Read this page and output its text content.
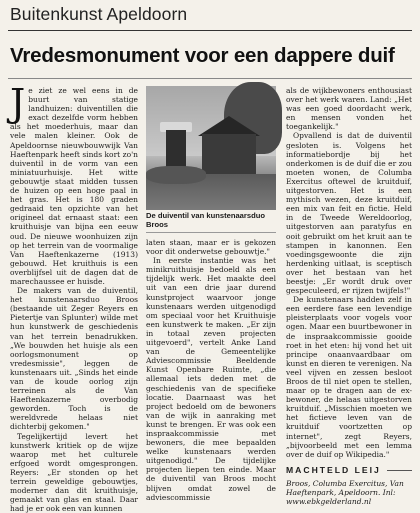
Buitenkunst Apeldoorn
Vredesmonument voor een dappere duif

Je ziet ze wel eens in de buurt van statige landhuizen: duiventillen die exact dezelfde vorm hebben als het moederhuis, maar dan vele malen kleiner. Ook de Apeldoornse nieuwbouwwijk Van Haeftenpark heeft sinds kort zo'n duiventil in de vorm van een miniatuurhuisje. Het witte gebouwtje staat midden tussen de huizen op een hoge paal in het gras. Het is 180 graden gedraaid ten opzichte van het origineel dat ernaast staat: een kruithuisje van bijna een eeuw oud. De nieuwe woonhuizen zijn op het terrein van de voormalige Van Haeftenkazerne (1913) gebouwd. Het kruithuis is een overblijfsel uit de dagen dat de marechaussee er huisde.

De makers van de duiventil, het kunstenaarsduo Broos (bestaande uit Zeger Reyers en Pietertje van Splunter) wilde met hun kunstwerk de geschiedenis van het terrein benadrukken. „We bouwden het huisje als een oorlogsmonument op vredesmissie", leggen de kunstenaars uit. „Sinds het einde van de koude oorlog zijn terreinen als de Van Haeftenkazerne overbodig geworden. Toch is de wereldvrede helaas niet dichterbij gekomen."

Tegelijkertijd levert het kunstwerk kritiek op de wijze waarop met het culturele erfgoed wordt omgesprongen. Reyers: „Er stonden op het terrein geweldige gebouwtjes, moderner dan dit kruithuisje, gemaakt van glas en staal. Daar had je er ook een van kunnen

De duiventil van kunstenaarsduo Broos

laten staan, maar er is gekozen voor dit onderwetse gebouwtje."

In eerste instantie was het minikruithuisje bedoeld als een tijdelijk werk. Het maakte deel uit van een drie jaar durend kunstproject waarvoor jonge kunstenaars werden uitgenodigd om speciaal voor het Kruithuisje een kunstwerk te maken. „Er zijn in totaal zeven projecten uitgevoerd", vertelt Anke Land van de Gemeentelijke Adviescommissie Beeldende Kunst Openbare Ruimte, „die allemaal iets deden met de geschiedenis van de specifieke locatie. Daarnaast was het project bedoeld om de bewoners van de wijk in aanraking met kunst te brengen. Er was ook een inspraakcommissie met bewoners, die mee bepaalden welke kunstenaars werden uitgenodigd." De tijdelijke projecten liepen ten einde. Maar de duiventil van Broos mocht blijven omdat zowel de adviescommissie

als de wijkbewoners enthousiast over het werk waren. Land: „Het was een goed doordacht werk, en mensen vonden het toegankelijk."

Opvallend is dat de duiventil gesloten is. Volgens het informatiebordje bij het onderkomen is de duif die er zou moeten wonen, de Columba Exercitus oftewel de kruitduif, uitgestorven. Het is een mythisch wezen, deze kruitduif, een mix van feit en fictie. Held in de Tweede Wereldoorlog, uitgestorven aan paratyfus en ooit gebruikt om het kruit aan te stampen in kanonnen. Een voedingsgewoonte die zijn herdenking uitlaat, is sceptisch over het bestaan van het beestje: „Er wordt druk over gespeculeerd, er rijzen twijfels!"

De kunstenaars hadden zelf in een eerdere fase een levendige pleisterplaats voor vogels voor ogen. Maar een buurtbewoner in de inspraakcommissie gooide roet in het eten: hij vond het uit principe onaanvaardbaar om kunst en dieren te verenigen. Na veel vijven en zessen besloot Broos de til niet open te stellen, maar op te dragen aan de ex-bewoner, de helaas uitgestorven kruitduif. „Misschien moeten we het fictieve leven van de kruitduif voortzetten op internet", zegt Reyers, „bijvoorbeeld met een lemma over de duif op Wikipedia."

MACHTELD LEIJ
Broos, Columba Exercitus, Van Haeftenpark, Apeldoorn. Inl: www.ebkgelderland.nl
